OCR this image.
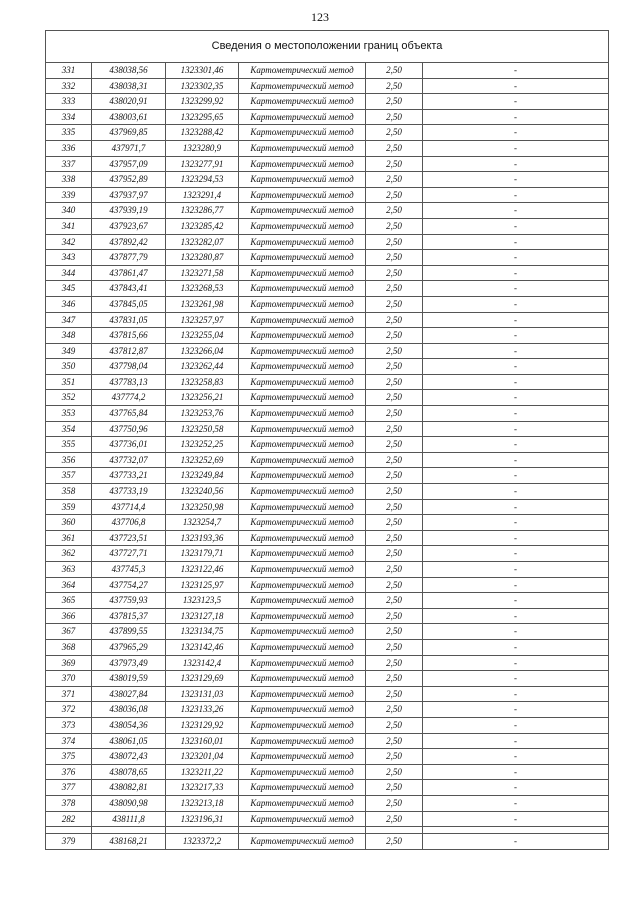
123
Сведения о местоположении границ объекта					
331	438038,56	1323301,46	Картометрический метод	2,50	-
332	438038,31	1323302,35	Картометрический метод	2,50	-
333	438020,91	1323299,92	Картометрический метод	2,50	-
334	438003,61	1323295,65	Картометрический метод	2,50	-
335	437969,85	1323288,42	Картометрический метод	2,50	-
336	437971,7	1323280,9	Картометрический метод	2,50	-
337	437957,09	1323277,91	Картометрический метод	2,50	-
338	437952,89	1323294,53	Картометрический метод	2,50	-
339	437937,97	1323291,4	Картометрический метод	2,50	-
340	437939,19	1323286,77	Картометрический метод	2,50	-
341	437923,67	1323285,42	Картометрический метод	2,50	-
342	437892,42	1323282,07	Картометрический метод	2,50	-
343	437877,79	1323280,87	Картометрический метод	2,50	-
344	437861,47	1323271,58	Картометрический метод	2,50	-
345	437843,41	1323268,53	Картометрический метод	2,50	-
346	437845,05	1323261,98	Картометрический метод	2,50	-
347	437831,05	1323257,97	Картометрический метод	2,50	-
348	437815,66	1323255,04	Картометрический метод	2,50	-
349	437812,87	1323266,04	Картометрический метод	2,50	-
350	437798,04	1323262,44	Картометрический метод	2,50	-
351	437783,13	1323258,83	Картометрический метод	2,50	-
352	437774,2	1323256,21	Картометрический метод	2,50	-
353	437765,84	1323253,76	Картометрический метод	2,50	-
354	437750,96	1323250,58	Картометрический метод	2,50	-
355	437736,01	1323252,25	Картометрический метод	2,50	-
356	437732,07	1323252,69	Картометрический метод	2,50	-
357	437733,21	1323249,84	Картометрический метод	2,50	-
358	437733,19	1323240,56	Картометрический метод	2,50	-
359	437714,4	1323250,98	Картометрический метод	2,50	-
360	437706,8	1323254,7	Картометрический метод	2,50	-
361	437723,51	1323193,36	Картометрический метод	2,50	-
362	437727,71	1323179,71	Картометрический метод	2,50	-
363	437745,3	1323122,46	Картометрический метод	2,50	-
364	437754,27	1323125,97	Картометрический метод	2,50	-
365	437759,93	1323123,5	Картометрический метод	2,50	-
366	437815,37	1323127,18	Картометрический метод	2,50	-
367	437899,55	1323134,75	Картометрический метод	2,50	-
368	437965,29	1323142,46	Картометрический метод	2,50	-
369	437973,49	1323142,4	Картометрический метод	2,50	-
370	438019,59	1323129,69	Картометрический метод	2,50	-
371	438027,84	1323131,03	Картометрический метод	2,50	-
372	438036,08	1323133,26	Картометрический метод	2,50	-
373	438054,36	1323129,92	Картометрический метод	2,50	-
374	438061,05	1323160,01	Картометрический метод	2,50	-
375	438072,43	1323201,04	Картометрический метод	2,50	-
376	438078,65	1323211,22	Картометрический метод	2,50	-
377	438082,81	1323217,33	Картометрический метод	2,50	-
378	438090,98	1323213,18	Картометрический метод	2,50	-
282	438111,8	1323196,31	Картометрический метод	2,50	-

379	438168,21	1323372,2	Картометрический метод	2,50	-
